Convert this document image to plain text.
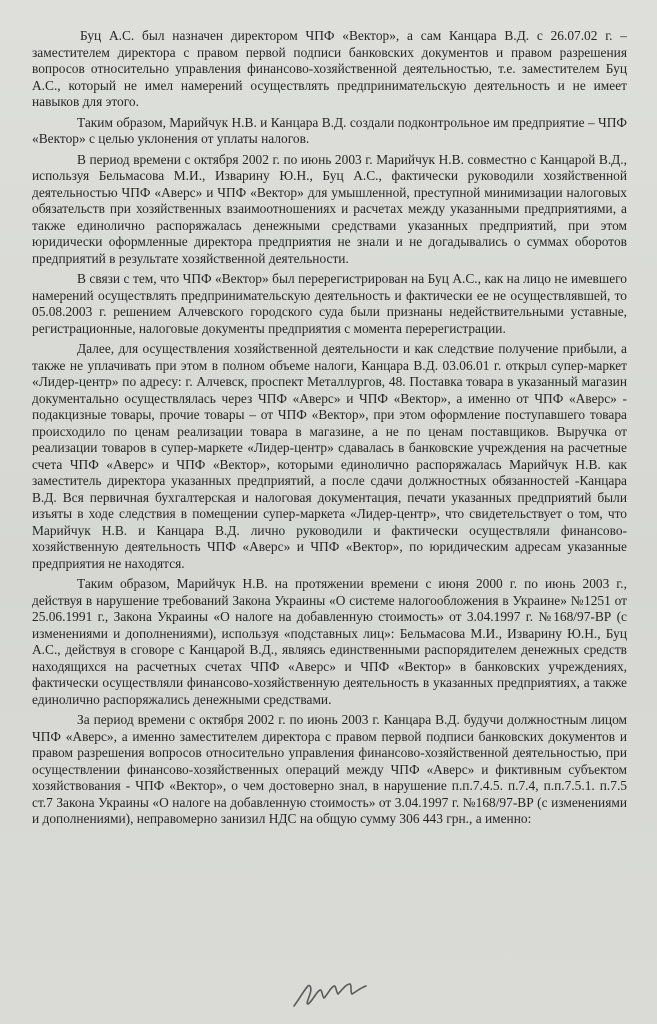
Буц А.С. был назначен директором ЧПФ «Вектор», а сам Канцара В.Д. с 26.07.02 г. – заместителем директора с правом первой подписи банковских документов и правом разрешения вопросов относительно управления финансово-хозяйственной деятельностью, т.е. заместителем Буц А.С., который не имел намерений осуществлять предпринимательскую деятельность и не имеет навыков для этого.

Таким образом, Марийчук Н.В. и Канцара В.Д. создали подконтрольное им предприятие – ЧПФ «Вектор» с целью уклонения от уплаты налогов.

В период времени с октября 2002 г. по июнь 2003 г. Марийчук Н.В. совместно с Канцарой В.Д., используя Бельмасова М.И., Изварину Ю.Н., Буц А.С., фактически руководили хозяйственной деятельностью ЧПФ «Аверс» и ЧПФ «Вектор» для умышленной, преступной минимизации налоговых обязательств при хозяйственных взаимоотношениях и расчетах между указанными предприятиями, а также единолично распоряжалась денежными средствами указанных предприятий, при этом юридически оформленные директора предприятия не знали и не догадывались о суммах оборотов предприятий в результате хозяйственной деятельности.

В связи с тем, что ЧПФ «Вектор» был перерегистрирован на Буц А.С., как на лицо не имевшего намерений осуществлять предпринимательскую деятельность и фактически ее не осуществлявшей, то 05.08.2003 г. решением Алчевского городского суда были признаны недействительными уставные, регистрационные, налоговые документы предприятия с момента перерегистрации.

Далее, для осуществления хозяйственной деятельности и как следствие получение прибыли, а также не уплачивать при этом в полном объеме налоги, Канцара В.Д. 03.06.01 г. открыл супер-маркет «Лидер-центр» по адресу: г. Алчевск, проспект Металлургов, 48. Поставка товара в указанный магазин документально осуществлялась через ЧПФ «Аверс» и ЧПФ «Вектор», а именно от ЧПФ «Аверс» - подакцизные товары, прочие товары – от ЧПФ «Вектор», при этом оформление поступавшего товара происходило по ценам реализации товара в магазине, а не по ценам поставщиков. Выручка от реализации товаров в супер-маркете «Лидер-центр» сдавалась в банковские учреждения на расчетные счета ЧПФ «Аверс» и ЧПФ «Вектор», которыми единолично распоряжалась Марийчук Н.В. как заместитель директора указанных предприятий, а после сдачи должностных обязанностей -Канцара В.Д. Вся первичная бухгалтерская и налоговая документация, печати указанных предприятий были изъяты в ходе следствия в помещении супер-маркета «Лидер-центр», что свидетельствует о том, что Марийчук Н.В. и Канцара В.Д. лично руководили и фактически осуществляли финансово-хозяйственную деятельность ЧПФ «Аверс» и ЧПФ «Вектор», по юридическим адресам указанные предприятия не находятся.

Таким образом, Марийчук Н.В. на протяжении времени с июня 2000 г. по июнь 2003 г., действуя в нарушение требований Закона Украины «О системе налогообложения в Украине» №1251 от 25.06.1991 г., Закона Украины «О налоге на добавленную стоимость» от 3.04.1997 г. №168/97-ВР (с изменениями и дополнениями), используя «подставных лиц»: Бельмасова М.И., Изварину Ю.Н., Буц А.С., действуя в сговоре с Канцарой В.Д., являясь единственными распорядителем денежных средств находящихся на расчетных счетах ЧПФ «Аверс» и ЧПФ «Вектор» в банковских учреждениях, фактически осуществляли финансово-хозяйственную деятельность в указанных предприятиях, а также единолично распоряжались денежными средствами.

За период времени с октября 2002 г. по июнь 2003 г. Канцара В.Д. будучи должностным лицом ЧПФ «Аверс», а именно заместителем директора с правом первой подписи банковских документов и правом разрешения вопросов относительно управления финансово-хозяйственной деятельностью, при осуществлении финансово-хозяйственных операций между ЧПФ «Аверс» и фиктивным субъектом хозяйствования - ЧПФ «Вектор», о чем достоверно знал, в нарушение п.п.7.4.5. п.7.4, п.п.7.5.1. п.7.5 ст.7 Закона Украины «О налоге на добавленную стоимость» от 3.04.1997 г. №168/97-ВР (с изменениями и дополнениями), неправомерно занизил НДС на общую сумму 306 443 грн., а именно:
